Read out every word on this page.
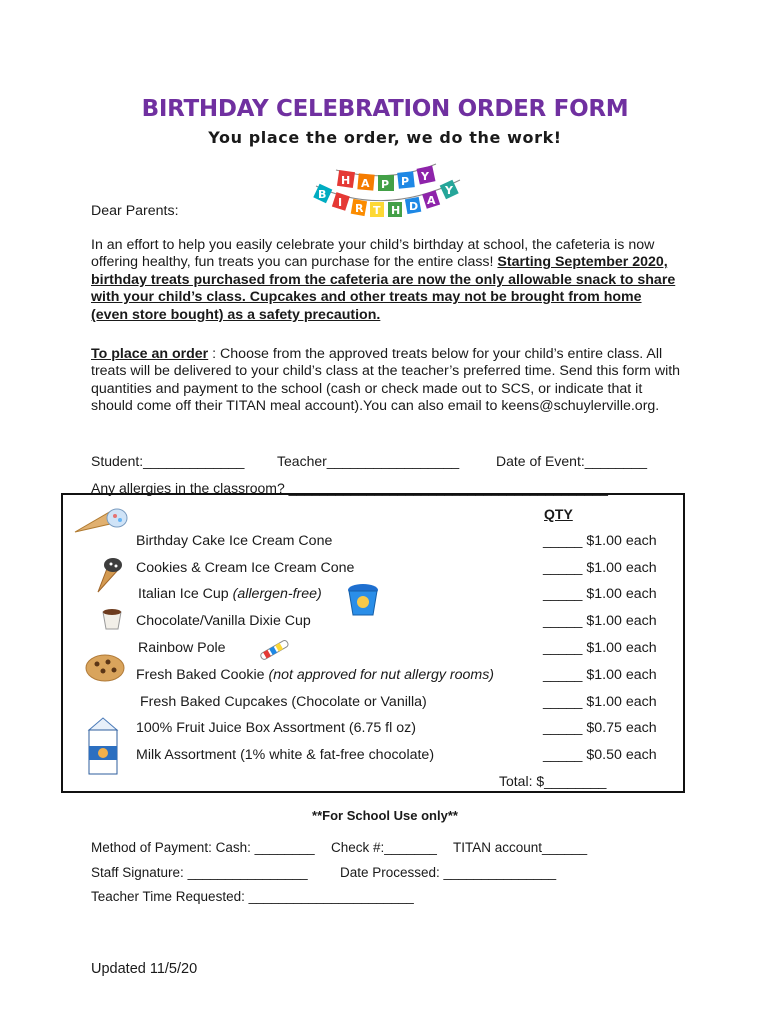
BIRTHDAY CELEBRATION ORDER FORM
You place the order, we do the work!
H A P P Y
B
I R T H D A
Y
Dear Parents:
In an effort to help you easily celebrate your child’s birthday at school, the cafeteria is now offering healthy, fun treats you can purchase for the entire class! Starting September 2020, birthday treats purchased from the cafeteria are now the only allowable snack to share with your child’s class. Cupcakes and other treats may not be brought from home (even store bought) as a safety precaution.
To place an order : Choose from the approved treats below for your child’s entire class. All treats will be delivered to your child’s class at the teacher’s preferred time. Send this form with quantities and payment to the school (cash or check made out to SCS, or indicate that it should come off their TITAN meal account).You can also email to keens@schuylerville.org.
Student:_____________ Teacher_________________	Date of Event:________
Any allergies in the classroom? _________________________________________
QTY
Birthday Cake Ice Cream Cone	_____ $1.00 each
Cookies & Cream Ice Cream Cone	_____ $1.00 each
Italian Ice Cup (allergen-free)	_____ $1.00 each
Chocolate/Vanilla Dixie Cup	_____ $1.00 each
Rainbow Pole	_____ $1.00 each
Fresh Baked Cookie (not approved for nut allergy rooms)	_____ $1.00 each
Fresh Baked Cupcakes (Chocolate or Vanilla)	_____ $1.00 each
100% Fruit Juice Box Assortment (6.75 fl oz)	_____ $0.75 each
Milk Assortment (1% white & fat-free chocolate)	_____ $0.50 each
Total: $________
**For School Use only**
Method of Payment: Cash: ________ Check #:_______ TITAN account______
Staff Signature: ________________ Date Processed: _______________
Teacher Time Requested: ______________________
Updated 11/5/20
